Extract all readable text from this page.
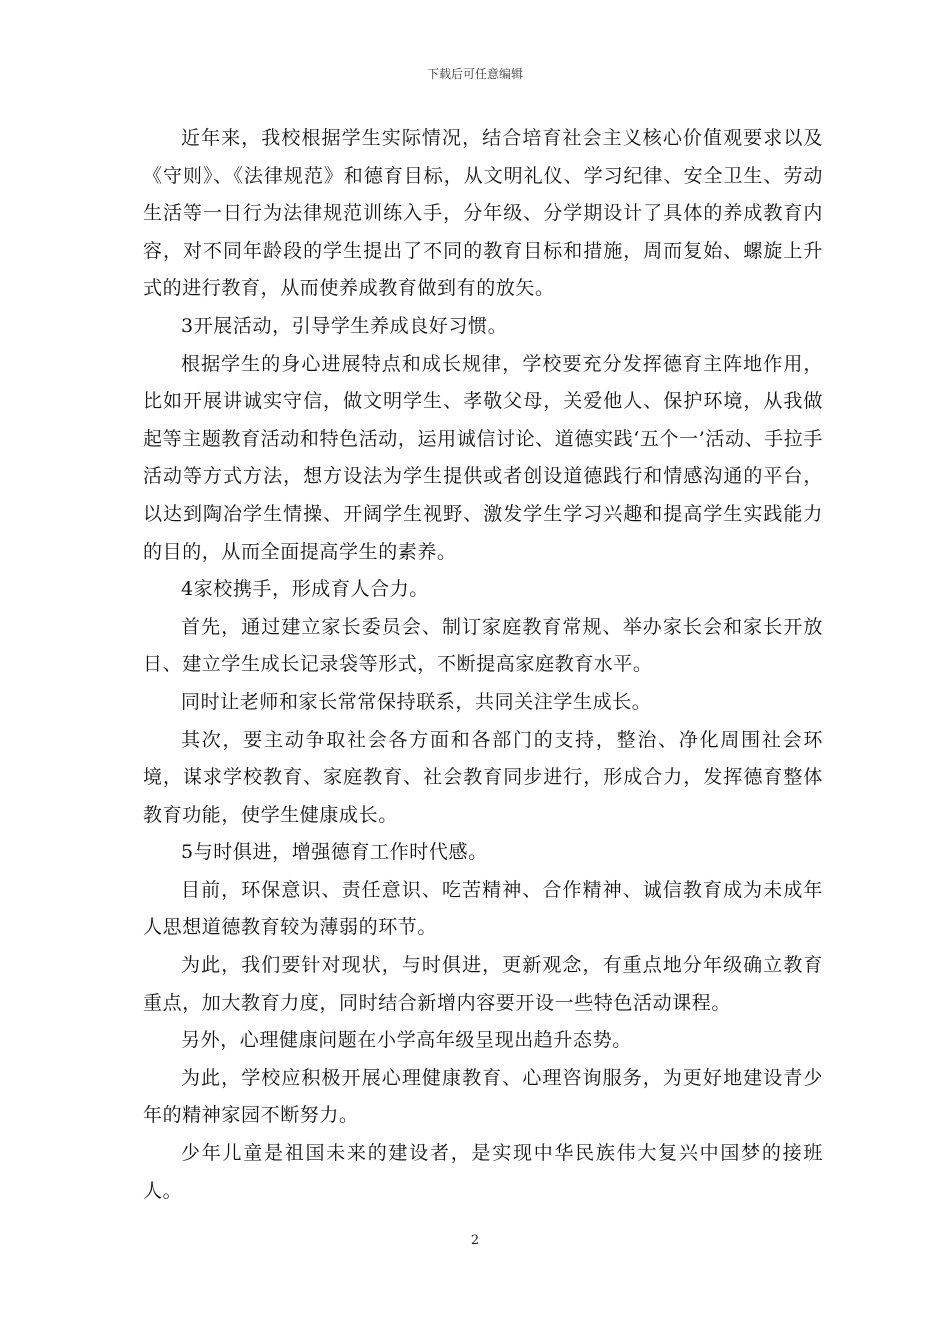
下载后可任意编辑

近年来，我校根据学生实际情况，结合培育社会主义核心价值观要求以及《守则》、《法律规范》和德育目标，从文明礼仪、学习纪律、安全卫生、劳动生活等一日行为法律规范训练入手，分年级、分学期设计了具体的养成教育内容，对不同年龄段的学生提出了不同的教育目标和措施，周而复始、螺旋上升式的进行教育，从而使养成教育做到有的放矢。

3开展活动，引导学生养成良好习惯。

根据学生的身心进展特点和成长规律，学校要充分发挥德育主阵地作用，比如开展讲诚实守信，做文明学生、孝敬父母，关爱他人、保护环境，从我做起等主题教育活动和特色活动，运用诚信讨论、道德实践‘五个一’活动、手拉手活动等方式方法，想方设法为学生提供或者创设道德践行和情感沟通的平台，以达到陶冶学生情操、开阔学生视野、激发学生学习兴趣和提高学生实践能力的目的，从而全面提高学生的素养。

4家校携手，形成育人合力。

首先，通过建立家长委员会、制订家庭教育常规、举办家长会和家长开放日、建立学生成长记录袋等形式，不断提高家庭教育水平。

同时让老师和家长常常保持联系，共同关注学生成长。

其次，要主动争取社会各方面和各部门的支持，整治、净化周围社会环境，谋求学校教育、家庭教育、社会教育同步进行，形成合力，发挥德育整体教育功能，使学生健康成长。

5与时俱进，增强德育工作时代感。

目前，环保意识、责任意识、吃苦精神、合作精神、诚信教育成为未成年人思想道德教育较为薄弱的环节。

为此，我们要针对现状，与时俱进，更新观念，有重点地分年级确立教育重点，加大教育力度，同时结合新增内容要开设一些特色活动课程。

另外，心理健康问题在小学高年级呈现出趋升态势。

为此，学校应积极开展心理健康教育、心理咨询服务，为更好地建设青少年的精神家园不断努力。

少年儿童是祖国未来的建设者，是实现中华民族伟大复兴中国梦的接班人。

2
